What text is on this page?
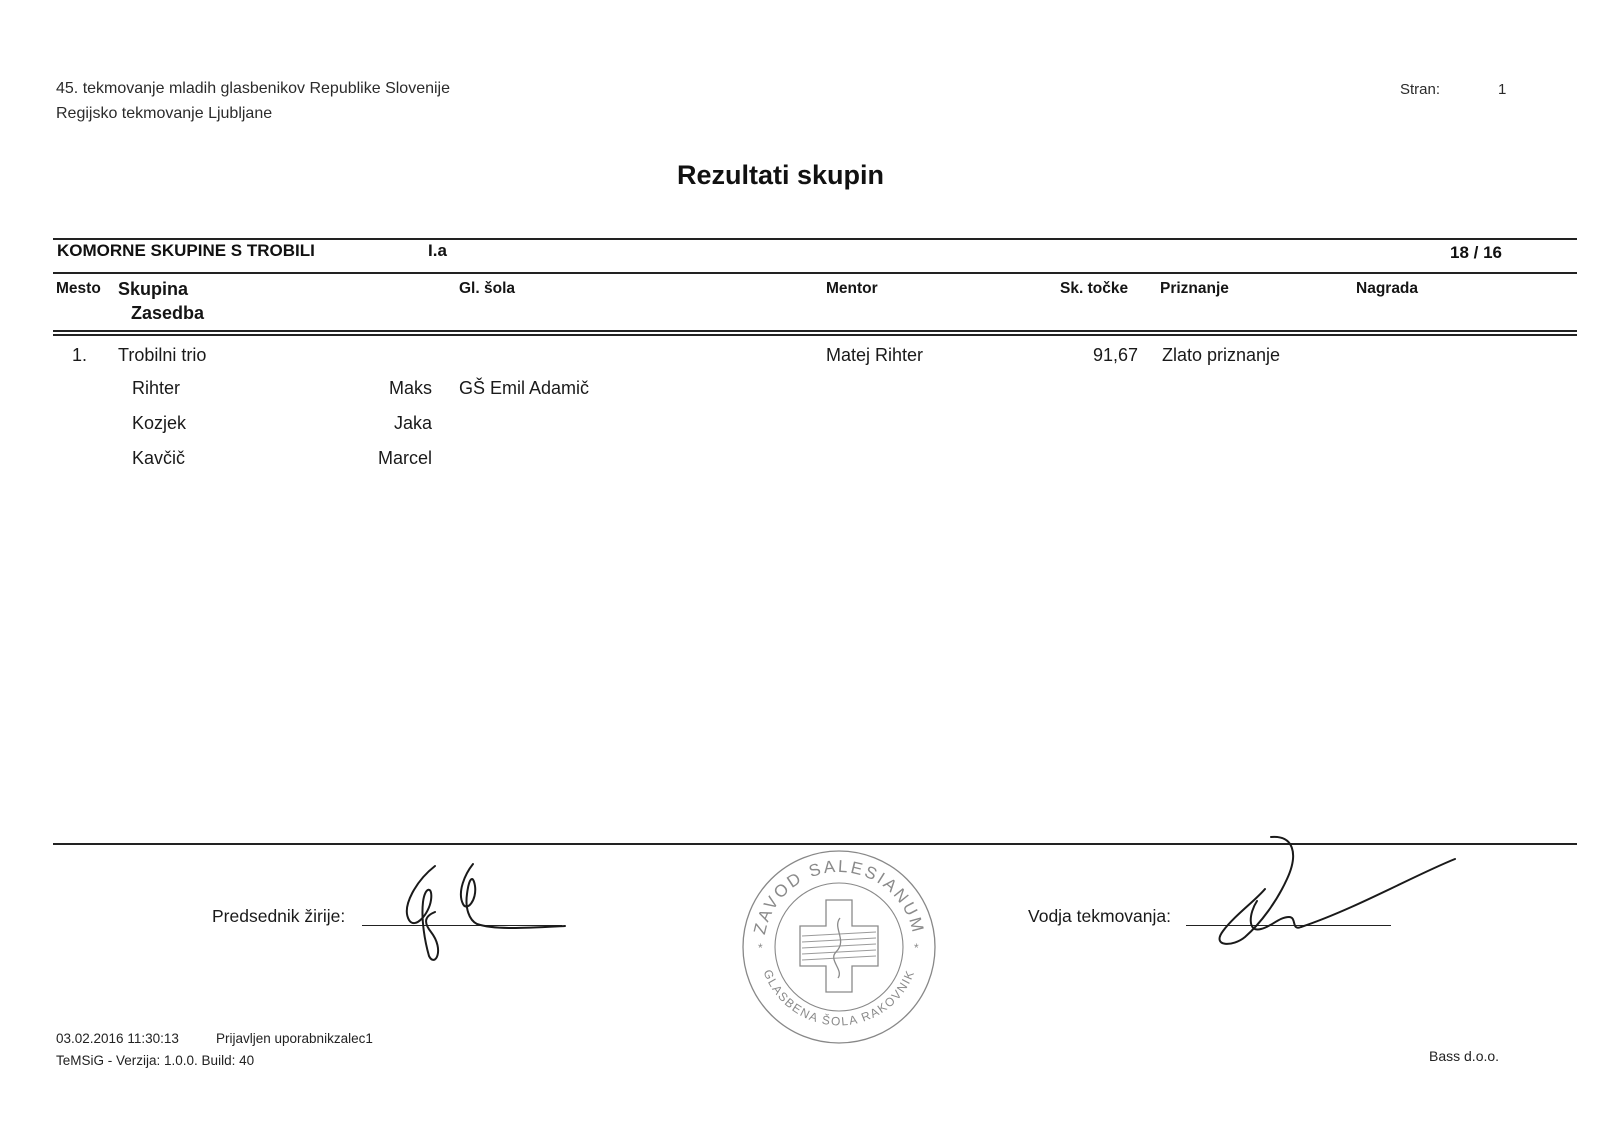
45. tekmovanje mladih glasbenikov Republike Slovenije
Regijsko tekmovanje Ljubljane
Stran:	1
Rezultati skupin
KOMORNE SKUPINE S TROBILI	I.a	18 / 16
Mesto Skupina
Zasedba
Gl. šola	Mentor	Sk. točke Priznanje	Nagrada
1. Trobilni trio	Matej Rihter	91,67 Zlato priznanje
Rihter	Maks GŠ Emil Adamič
Kozjek	Jaka
Kavčič	Marcel
Predsednik žirije:
ZAVOD SALESIANUM
GLASBENA ŠOLA RAKOVNIK
*	*
Vodja tekmovanja:
03.02.2016 11:30:13	Prijavljen uporabnikzalec1
TeMSiG - Verzija: 1.0.0. Build: 40	Bass d.o.o.
